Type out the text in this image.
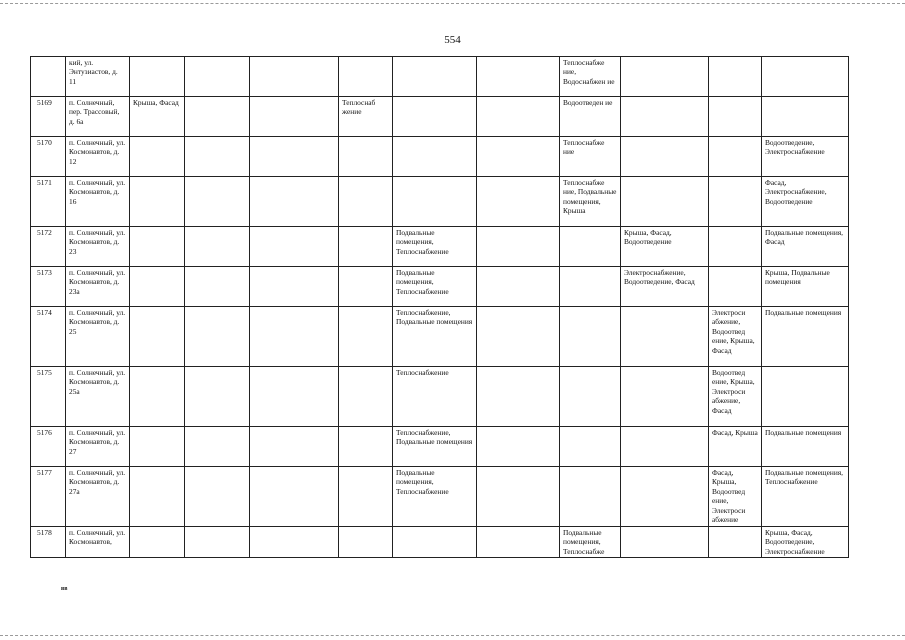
554
	кий, ул. Энтузиастов, д. 11							Теплоснабже ние, Водоснабжен ие			
5169	п. Солнечный, пер. Трассовый, д. 6а	Крыша, Фасад			Теплоснаб жение			Водоотведен ие			
5170	п. Солнечный, ул. Космонавтов, д. 12							Теплоснабже ние			Водоотведение, Электроснабжение
5171	п. Солнечный, ул. Космонавтов, д. 16							Теплоснабже ние, Подвальные помещения, Крыша			Фасад, Электроснабжение, Водоотведение
5172	п. Солнечный, ул. Космонавтов, д. 23					Подвальные помещения, Теплоснабжение			Крыша, Фасад, Водоотведение		Подвальные помещения, Фасад
5173	п. Солнечный, ул. Космонавтов, д. 23а					Подвальные помещения, Теплоснабжение			Электроснабжение, Водоотведение, Фасад		Крыша, Подвальные помещения
5174	п. Солнечный, ул. Космонавтов, д. 25					Теплоснабжение, Подвальные помещения				Электроси абжение, Водоотвед ение, Крыша, Фасад	Подвальные помещения
5175	п. Солнечный, ул. Космонавтов, д. 25а					Теплоснабжение				Водоотвед ение, Крыша, Электроси абжение, Фасад	
5176	п. Солнечный, ул. Космонавтов, д. 27					Теплоснабжение, Подвальные помещения				Фасад, Крыша	Подвальные помещения
5177	п. Солнечный, ул. Космонавтов, д. 27а					Подвальные помещения, Теплоснабжение				Фасад, Крыша, Водоотвед ение, Электроси абжение	Подвальные помещения, Теплоснабжение
5178	п. Солнечный, ул. Космонавтов,							Подвальные помещения, Теплоснабже			Крыша, Фасад, Водоотведение, Электроснабжение
вв
